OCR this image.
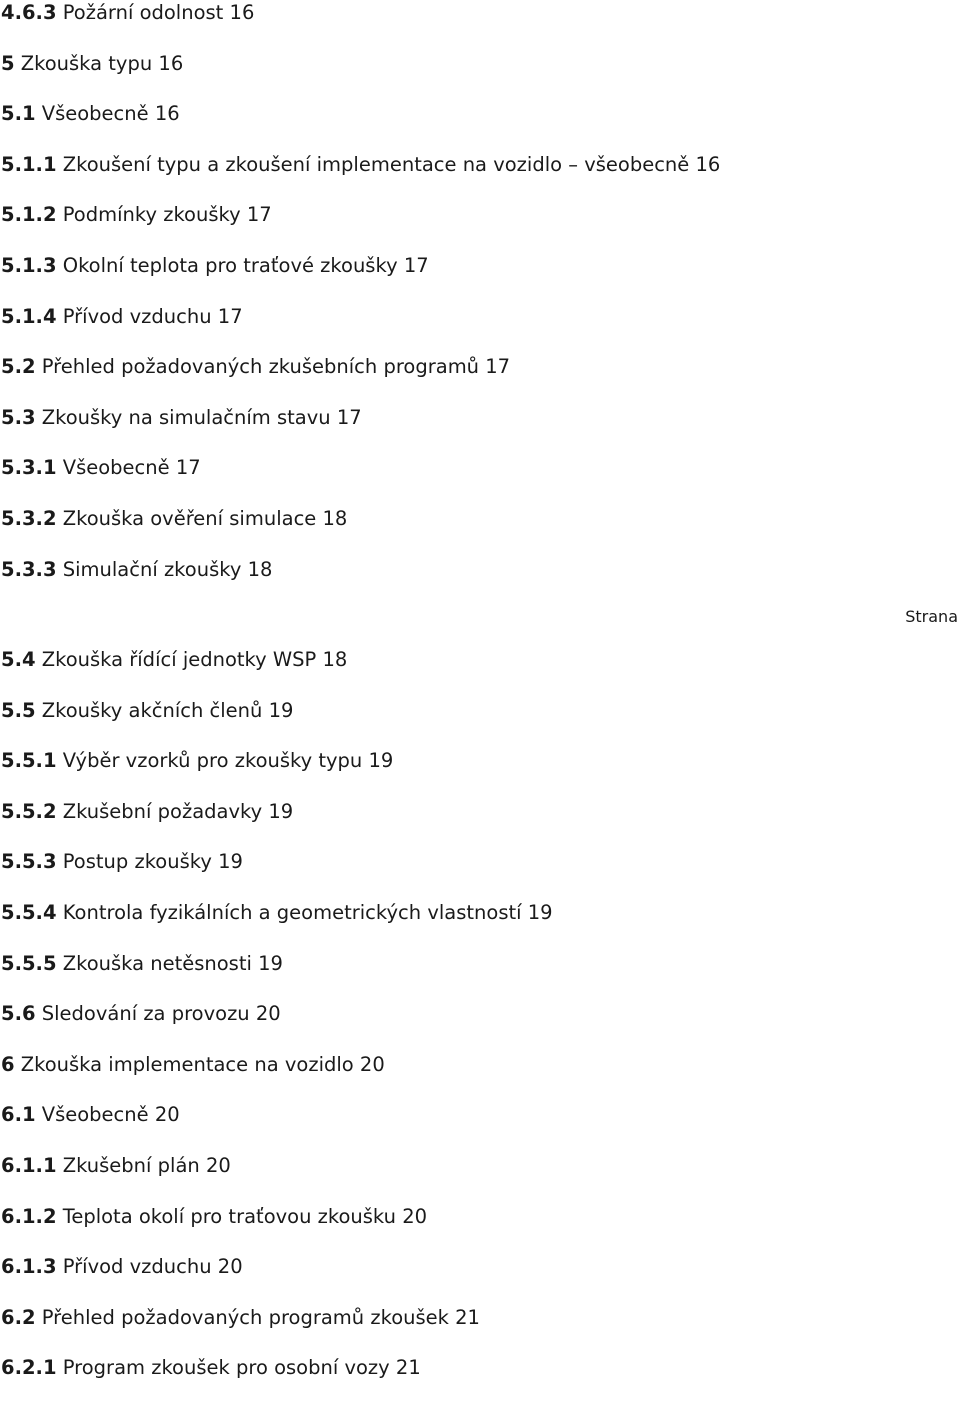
4.6.3 Požární odolnost 16
5 Zkouška typu 16
5.1 Všeobecně 16
5.1.1 Zkoušení typu a zkoušení implementace na vozidlo – všeobecně 16
5.1.2 Podmínky zkoušky 17
5.1.3 Okolní teplota pro traťové zkoušky 17
5.1.4 Přívod vzduchu 17
5.2 Přehled požadovaných zkušebních programů 17
5.3 Zkoušky na simulačním stavu 17
5.3.1 Všeobecně 17
5.3.2 Zkouška ověření simulace 18
5.3.3 Simulační zkoušky 18
Strana
5.4 Zkouška řídící jednotky WSP 18
5.5 Zkoušky akčních členů 19
5.5.1 Výběr vzorků pro zkoušky typu 19
5.5.2 Zkušební požadavky 19
5.5.3 Postup zkoušky 19
5.5.4 Kontrola fyzikálních a geometrických vlastností 19
5.5.5 Zkouška netěsnosti 19
5.6 Sledování za provozu 20
6 Zkouška implementace na vozidlo 20
6.1 Všeobecně 20
6.1.1 Zkušební plán 20
6.1.2 Teplota okolí pro traťovou zkoušku 20
6.1.3 Přívod vzduchu 20
6.2 Přehled požadovaných programů zkoušek 21
6.2.1 Program zkoušek pro osobní vozy 21
